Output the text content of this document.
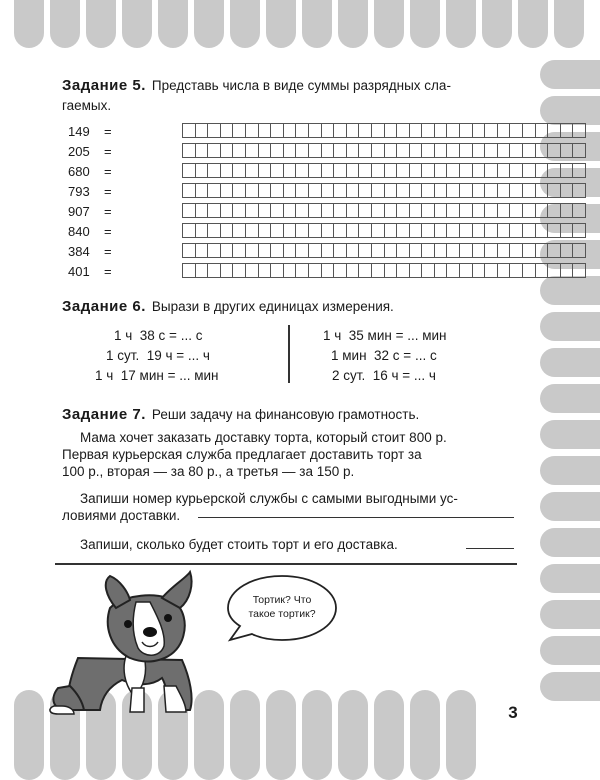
Задание 5. Представь числа в виде суммы разрядных сла-
гаемых.
149	=
205	=
680	=
793	=
907	=
840	=
384	=
401	=
Задание 6. Вырази в других единицах измерения.
1 ч  38 с = ... с
1 сут.  19 ч = ... ч
1 ч  17 мин = ... мин
1 ч  35 мин = ... мин
1 мин  32 с = ... с
2 сут.  16 ч = ... ч
Задание 7. Реши задачу на финансовую грамотность.
Мама хочет заказать доставку торта, который стоит 800 р.
Первая курьерская служба предлагает доставить торт за
100 р., вторая — за 80 р., а третья — за 150 р.
Запиши номер курьерской службы с самыми выгодными ус-
ловиями доставки.
Запиши, сколько будет стоить торт и его доставка.
Тортик? Что
такое тортик?
3
